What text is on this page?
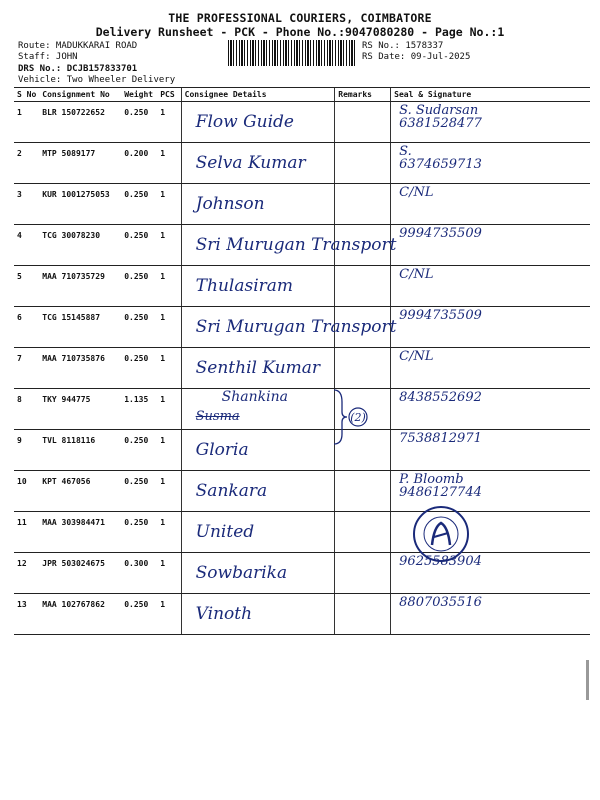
THE PROFESSIONAL COURIERS, COIMBATORE
Delivery Runsheet - PCK - Phone No.:9047080280 - Page No.:1
Route: MADUKKARAI ROAD
Staff: JOHN
DRS No.: DCJB157833701
Vehicle: Two Wheeler Delivery
RS No.: 1578337
RS Date: 09-Jul-2025
S No	Consignment No	Weight	PCS	Consignee Details	Remarks	Seal & Signature
1	BLR 150722652	0.250	1	Flow Guide		S. Sudarsan
6381528477

2	MTP 5089177	0.200	1	Selva Kumar		S.
6374659713

3	KUR 1001275053	0.250	1	Johnson		C/NL

4	TCG 30078230	0.250	1	Sri Murugan Transport		9994735509

5	MAA 710735729	0.250	1	Thulasiram		C/NL

6	TCG 15145887	0.250	1	Sri Murugan Transport		9994735509

7	MAA 710735876	0.250	1	Senthil Kumar		C/NL

8	TKY 944775	1.135	1	Shankina
Susma		8438552692

9	TVL 8118116	0.250	1	Gloria		7538812971

10	KPT 467056	0.250	1	Sankara		P. Bloomb
9486127744

11	MAA 303984471	0.250	1	United		

12	JPR 503024675	0.300	1	Sowbarika		9625583904

13	MAA 102767862	0.250	1	Vinoth		8807035516
(2)
